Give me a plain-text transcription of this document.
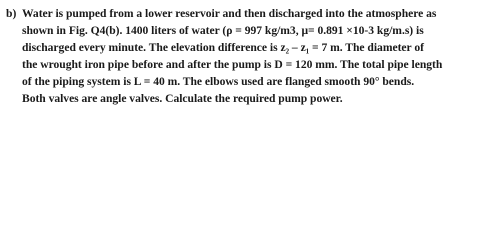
b) Water is pumped from a lower reservoir and then discharged into the atmosphere as
shown in Fig. Q4(b). 1400 liters of water (ρ = 997 kg/m3, μ= 0.891 ×10-3 kg/m.s) is
discharged every minute. The elevation difference is z₂ – z₁ = 7 m. The diameter of
the wrought iron pipe before and after the pump is D = 120 mm. The total pipe length
of the piping system is L = 40 m. The elbows used are flanged smooth 90° bends.
Both valves are angle valves. Calculate the required pump power.
